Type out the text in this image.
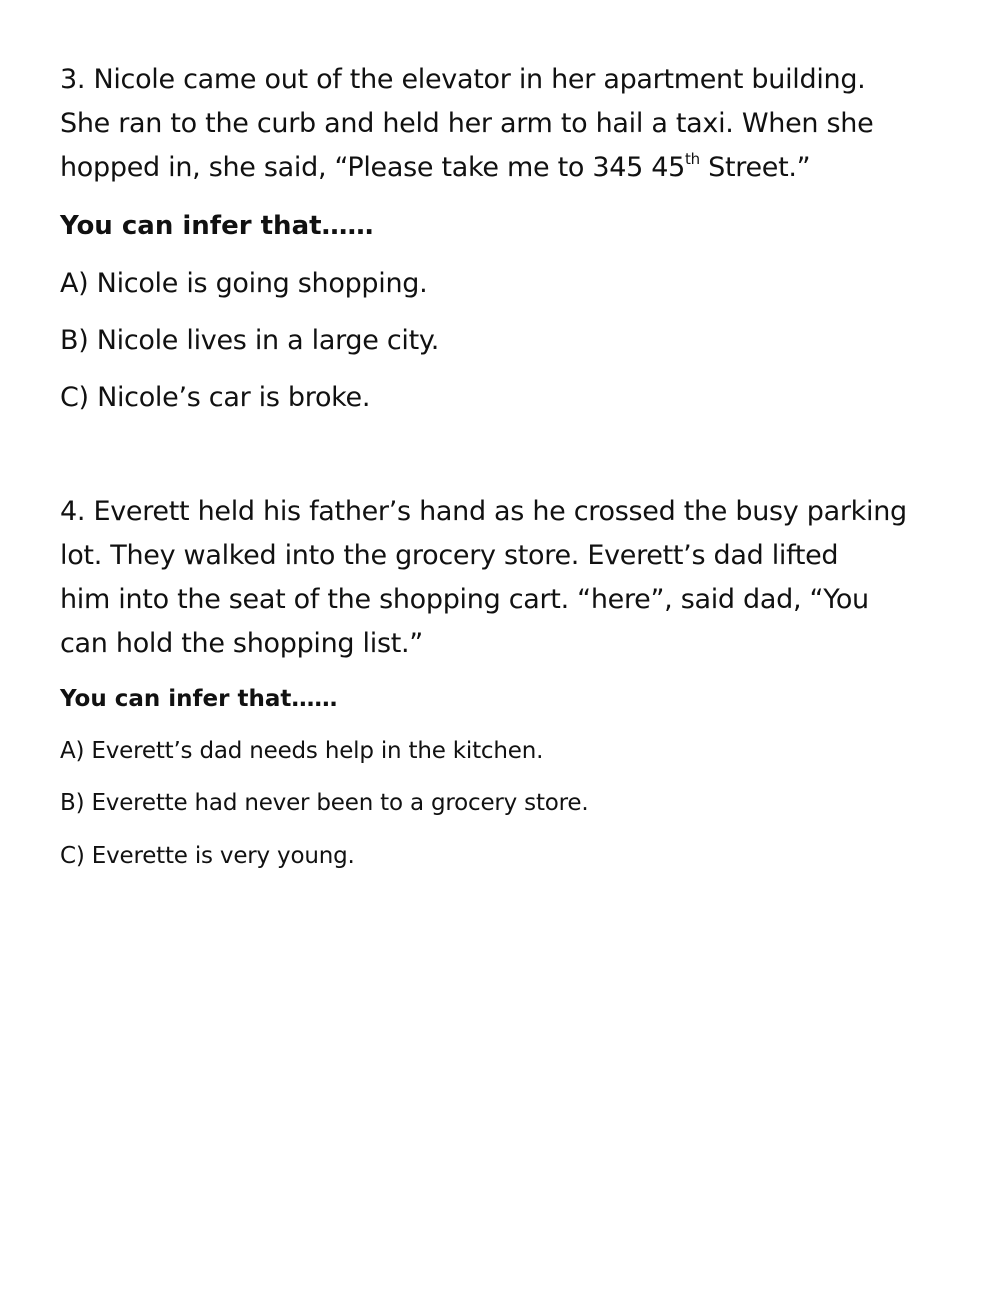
3. Nicole came out of the elevator in her apartment building.
She ran to the curb and held her arm to hail a taxi. When she
hopped in, she said, “Please take me to 345 45th Street.”

You can infer that……

A) Nicole is going shopping.

B) Nicole lives in a large city.

C) Nicole’s car is broke.

4. Everett held his father’s hand as he crossed the busy parking
lot. They walked into the grocery store. Everett’s dad lifted
him into the seat of the shopping cart. “here”, said dad, “You
can hold the shopping list.”

You can infer that……

A) Everett’s dad needs help in the kitchen.

B) Everette had never been to a grocery store.

C) Everette is very young.
